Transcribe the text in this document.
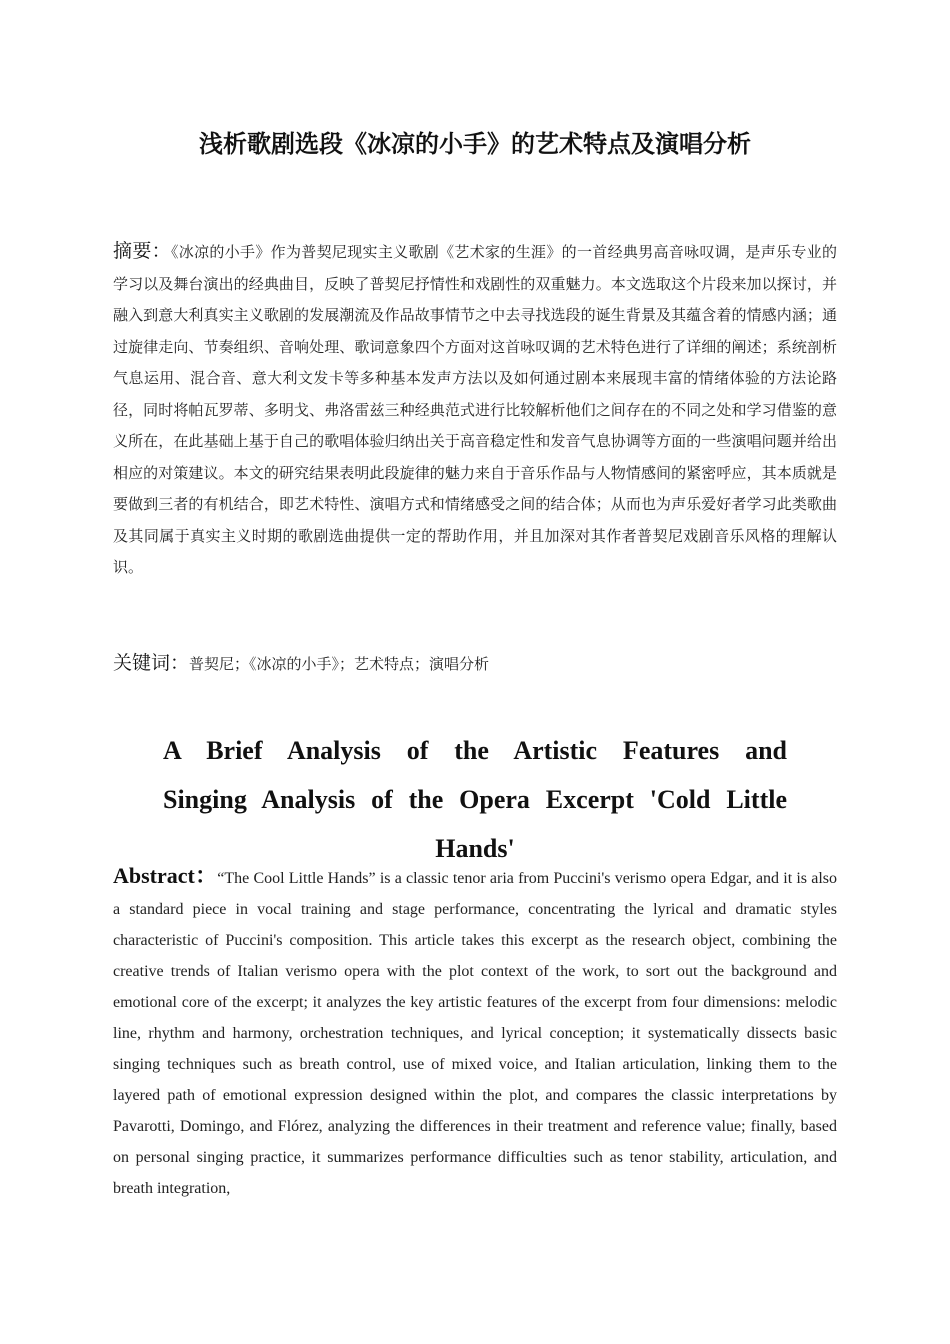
浅析歌剧选段《冰凉的小手》的艺术特点及演唱分析
摘要：《冰凉的小手》作为普契尼现实主义歌剧《艺术家的生涯》的一首经典男高音咏叹调，是声乐专业的学习以及舞台演出的经典曲目，反映了普契尼抒情性和戏剧性的双重魅力。本文选取这个片段来加以探讨，并融入到意大利真实主义歌剧的发展潮流及作品故事情节之中去寻找选段的诞生背景及其蕴含着的情感内涵；通过旋律走向、节奏组织、音响处理、歌词意象四个方面对这首咏叹调的艺术特色进行了详细的阐述；系统剖析气息运用、混合音、意大利文发卡等多种基本发声方法以及如何通过剧本来展现丰富的情绪体验的方法论路径，同时将帕瓦罗蒂、多明戈、弗洛雷兹三种经典范式进行比较解析他们之间存在的不同之处和学习借鉴的意义所在，在此基础上基于自己的歌唱体验归纳出关于高音稳定性和发音气息协调等方面的一些演唱问题并给出相应的对策建议。本文的研究结果表明此段旋律的魅力来自于音乐作品与人物情感间的紧密呼应，其本质就是要做到三者的有机结合，即艺术特性、演唱方式和情绪感受之间的结合体；从而也为声乐爱好者学习此类歌曲及其同属于真实主义时期的歌剧选曲提供一定的帮助作用，并且加深对其作者普契尼戏剧音乐风格的理解认识。
关键词：普契尼；《冰凉的小手》；艺术特点；演唱分析
A Brief Analysis of the Artistic Features and Singing Analysis of the Opera Excerpt 'Cold Little Hands'
Abstract：“The Cool Little Hands” is a classic tenor aria from Puccini's verismo opera Edgar, and it is also a standard piece in vocal training and stage performance, concentrating the lyrical and dramatic styles characteristic of Puccini's composition. This article takes this excerpt as the research object, combining the creative trends of Italian verismo opera with the plot context of the work, to sort out the background and emotional core of the excerpt; it analyzes the key artistic features of the excerpt from four dimensions: melodic line, rhythm and harmony, orchestration techniques, and lyrical conception; it systematically dissects basic singing techniques such as breath control, use of mixed voice, and Italian articulation, linking them to the layered path of emotional expression designed within the plot, and compares the classic interpretations by Pavarotti, Domingo, and Flórez, analyzing the differences in their treatment and reference value; finally, based on personal singing practice, it summarizes performance difficulties such as tenor stability, articulation, and breath integration,
